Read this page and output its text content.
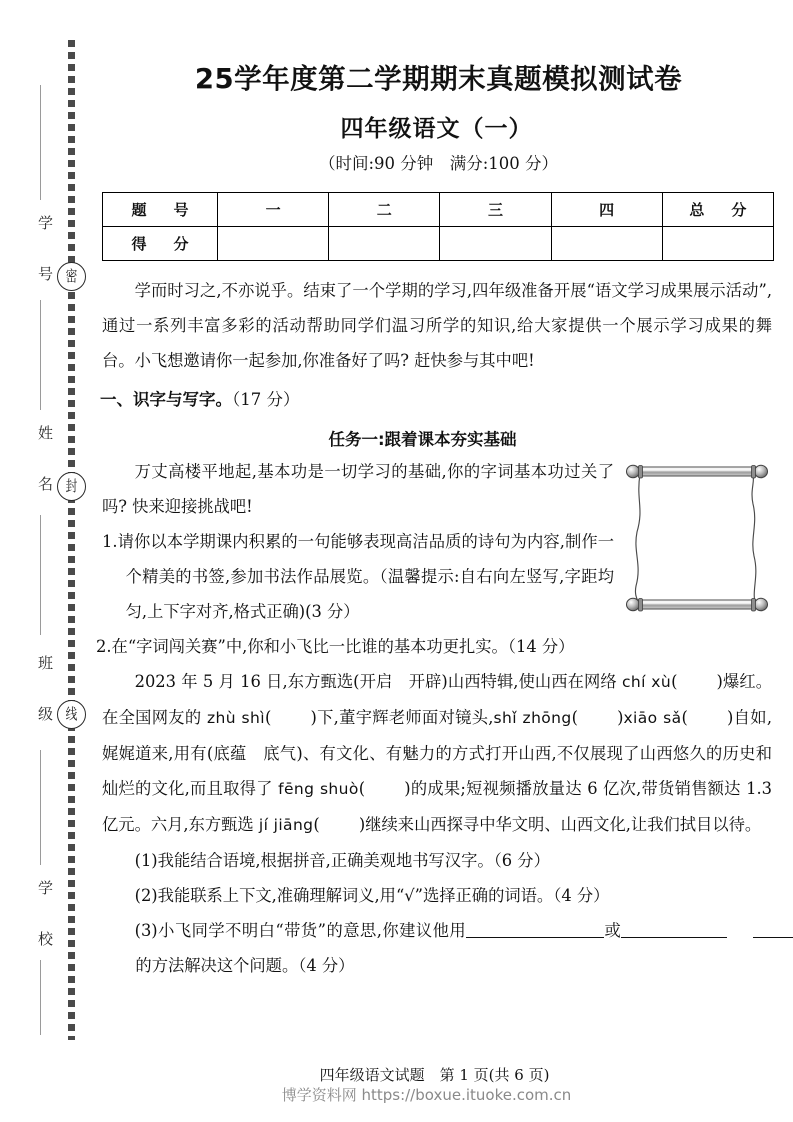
学 号
姓 名
班 级
学 校
密
封
线
25学年度第二学期期末真题模拟测试卷
四年级语文（一）
（时间:90 分钟　满分:100 分）
题　号	一	二	三	四	总　分
得　分					

学而时习之,不亦说乎。结束了一个学期的学习,四年级准备开展“语文学习成果展示活动”,通过一系列丰富多彩的活动帮助同学们温习所学的知识,给大家提供一个展示学习成果的舞台。小飞想邀请你一起参加,你准备好了吗? 赶快参与其中吧!

一、识字与写字。（17 分）
任务一:跟着课本夯实基础

万丈高楼平地起,基本功是一切学习的基础,你的字词基本功过关了吗? 快来迎接挑战吧!

1.请你以本学期课内积累的一句能够表现高洁品质的诗句为内容,制作一个精美的书签,参加书法作品展览。（温馨提示:自右向左竖写,字距均匀,上下字对齐,格式正确)(3 分）

2.在“字词闯关赛”中,你和小飞比一比谁的基本功更扎实。（14 分）

2023 年 5 月 16 日,东方甄选(开启　开辟)山西特辑,使山西在网络 chí xù()爆红。在全国网友的 zhù shì()下,董宇辉老师面对镜头,shǐ zhōng()xiāo sǎ()自如,娓娓道来,用有(底蕴　底气)、有文化、有魅力的方式打开山西,不仅展现了山西悠久的历史和灿烂的文化,而且取得了 fēng shuò()的成果;短视频播放量达 6 亿次,带货销售额达 1.3 亿元。六月,东方甄选 jí jiāng()继续来山西探寻中华文明、山西文化,让我们拭目以待。

(1)我能结合语境,根据拼音,正确美观地书写汉字。（6 分）

(2)我能联系上下文,准确理解词义,用“√”选择正确的词语。（4 分）

(3)小飞同学不明白“带货”的意思,你建议他用	或的方法解决这个问题。（4 分）

四年级语文试题　第 1 页(共 6 页)
博学资料网 https://boxue.ituoke.com.cn
